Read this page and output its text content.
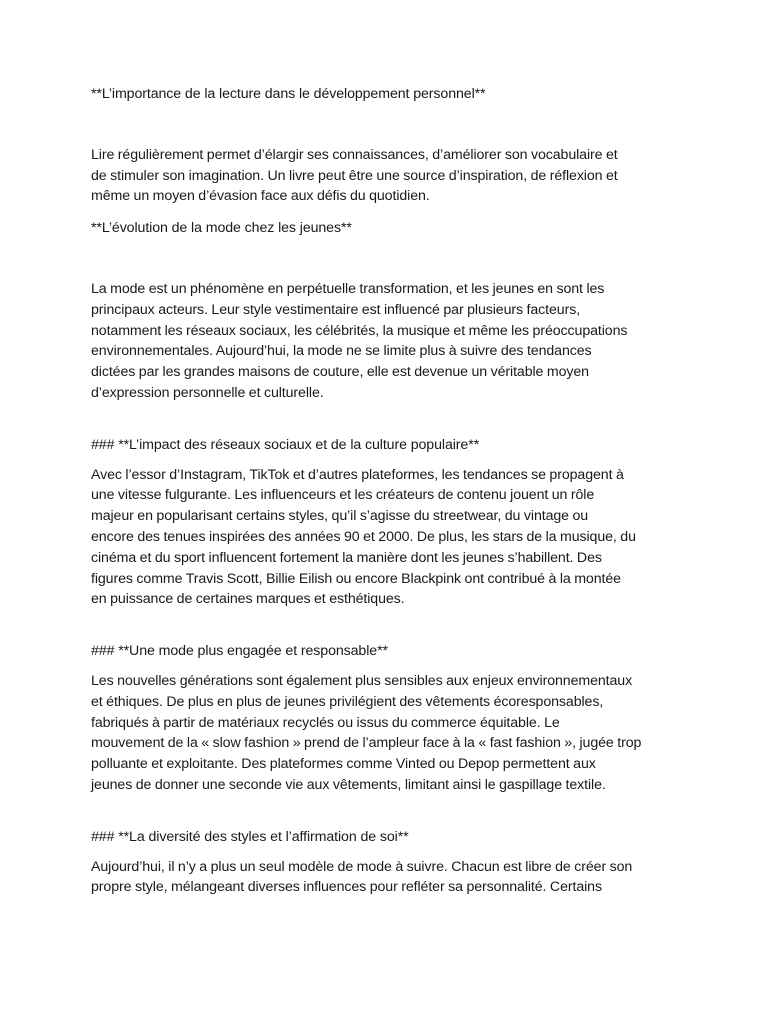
**L’importance de la lecture dans le développement personnel**

Lire régulièrement permet d’élargir ses connaissances, d’améliorer son vocabulaire et
de stimuler son imagination. Un livre peut être une source d’inspiration, de réflexion et
même un moyen d’évasion face aux défis du quotidien.

**L’évolution de la mode chez les jeunes**

La mode est un phénomène en perpétuelle transformation, et les jeunes en sont les
principaux acteurs. Leur style vestimentaire est influencé par plusieurs facteurs,
notamment les réseaux sociaux, les célébrités, la musique et même les préoccupations
environnementales. Aujourd’hui, la mode ne se limite plus à suivre des tendances
dictées par les grandes maisons de couture, elle est devenue un véritable moyen
d’expression personnelle et culturelle.

### **L’impact des réseaux sociaux et de la culture populaire**

Avec l’essor d’Instagram, TikTok et d’autres plateformes, les tendances se propagent à
une vitesse fulgurante. Les influenceurs et les créateurs de contenu jouent un rôle
majeur en popularisant certains styles, qu’il s’agisse du streetwear, du vintage ou
encore des tenues inspirées des années 90 et 2000. De plus, les stars de la musique, du
cinéma et du sport influencent fortement la manière dont les jeunes s’habillent. Des
figures comme Travis Scott, Billie Eilish ou encore Blackpink ont contribué à la montée
en puissance de certaines marques et esthétiques.

### **Une mode plus engagée et responsable**

Les nouvelles générations sont également plus sensibles aux enjeux environnementaux
et éthiques. De plus en plus de jeunes privilégient des vêtements écoresponsables,
fabriqués à partir de matériaux recyclés ou issus du commerce équitable. Le
mouvement de la « slow fashion » prend de l’ampleur face à la « fast fashion », jugée trop
polluante et exploitante. Des plateformes comme Vinted ou Depop permettent aux
jeunes de donner une seconde vie aux vêtements, limitant ainsi le gaspillage textile.

### **La diversité des styles et l’affirmation de soi**

Aujourd’hui, il n’y a plus un seul modèle de mode à suivre. Chacun est libre de créer son
propre style, mélangeant diverses influences pour refléter sa personnalité. Certains
